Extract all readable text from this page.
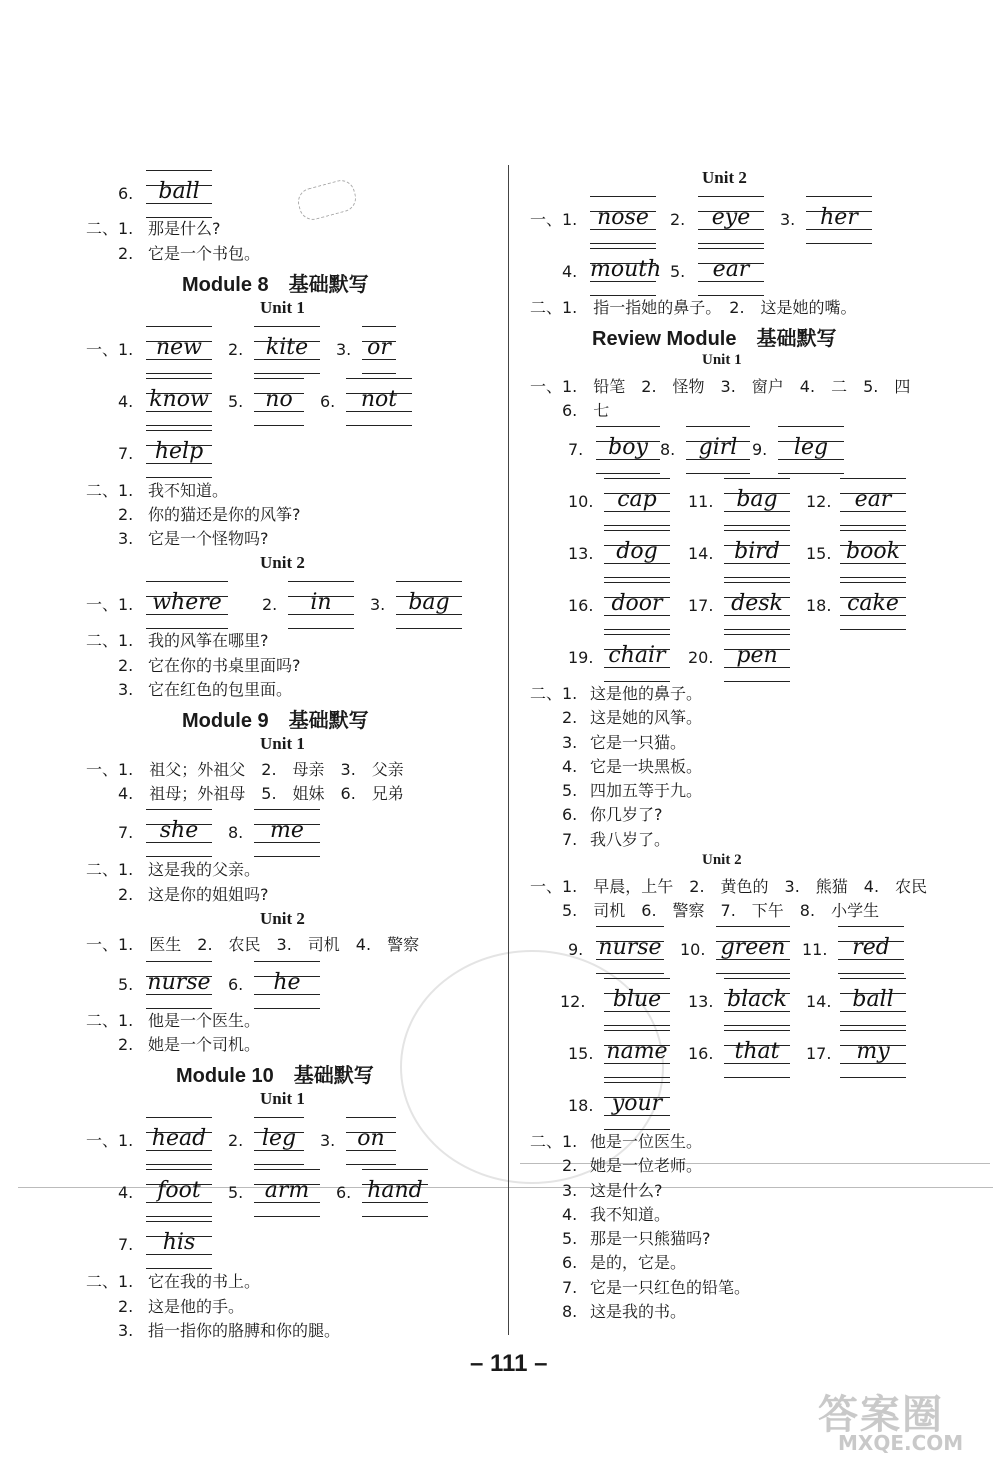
6.	ball
二、1. 那是什么?
2. 它是一个书包。
Module 8　基础默写
Unit 1
一、1.	new	2.	kite	3. or
4. know 5.	no	6.	not
7. help
二、1. 我不知道。
2. 你的猫还是你的风筝?
3. 它是一个怪物吗?
Unit 2
一、1. where	2.	in	3.	bag
二、1. 我的风筝在哪里?
2. 它在你的书桌里面吗?
3. 它在红色的包里面。
Module 9　基础默写
Unit 1
一、1.　祖父；外祖父　2.　母亲　3.　父亲
4.　祖母；外祖母　5.　姐妹　6.　兄弟
7.	she	8.	me
二、1. 这是我的父亲。
2. 这是你的姐姐吗?
Unit 2
一、1.　医生　2.　农民　3.　司机　4.　警察
5. nurse 6.	he
二、1. 他是一个医生。
2. 她是一个司机。
Module 10　基础默写
Unit 1
一、1. head	2. leg	3.	on
4.	foot	5. arm	6. hand
7.	his
二、1. 它在我的书上。
2. 这是他的手。
3. 指一指你的胳膊和你的腿。
Unit 2
一、1. nose	2.	eye	3.	her
4. mouth 5.	ear
二、1.　指一指她的鼻子。　2.　这是她的嘴。
Review Module　基础默写
Unit 1
一、1.　铅笔　2.　怪物　3.　窗户　4.　二　5.　四
6.　七
7.	boy 8.	girl 9.	leg
10.	cap	11.	bag	12.	ear
13.	dog	14. bird	15. book
16. door	17. desk	18. cake
19. chair 20.	pen
二、1. 这是他的鼻子。
2. 这是她的风筝。
3. 它是一只猫。
4. 它是一块黑板。
5. 四加五等于九。
6. 你几岁了?
7. 我八岁了。
Unit 2
一、1.　早晨，上午　2.　黄色的　3.　熊猫　4.　农民
5.　司机　6.　警察　7.　下午　8.　小学生
9. nurse 10. green 11.	red
12.	blue	13. black 14. ball
15. name 16. that	17.	my
18. your
二、1. 他是一位医生。
2. 她是一位老师。
3. 这是什么?
4. 我不知道。
5. 那是一只熊猫吗?
6. 是的，它是。
7. 它是一只红色的铅笔。
8. 这是我的书。
– 111 –
答案圈
MXQE.COM
